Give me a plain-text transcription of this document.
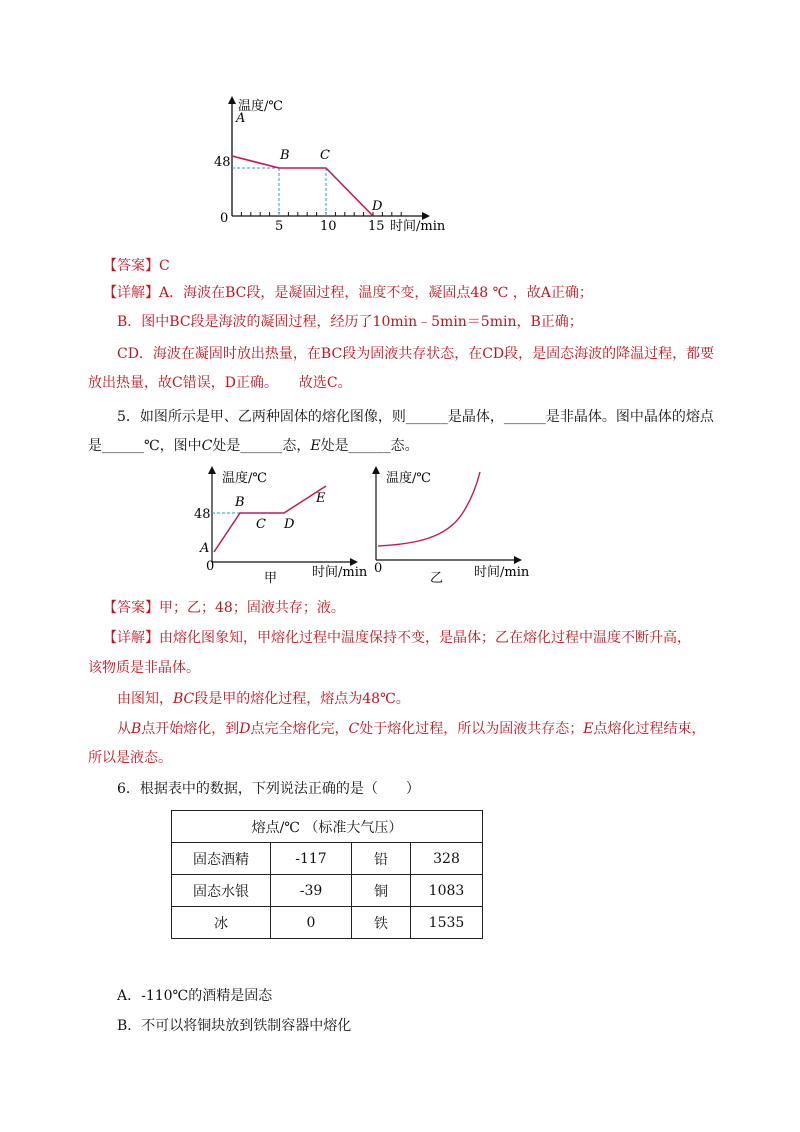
温度/℃
时间/min
0
48
5	10 15
A
B C
D
【答案】C
【详解】A．海波在BC段，是凝固过程，温度不变，凝固点48 ℃ ，故A正确；
B．图中BC段是海波的凝固过程，经历了10min﹣5min＝5min，B正确；
CD．海波在凝固时放出热量，在BC段为固液共存状态，在CD段，是固态海波的降温过程，都要
放出热量，故C错误，D正确。　　故选C。
5．如图所示是甲、乙两种固体的熔化图像，则______是晶体，______是非晶体。图中晶体的熔点
是______℃，图中C处是______态，E处是______态。
温度/℃
时间/min
0
48
甲
A
B
C D
E
温度/℃
时间/min
0
乙
【答案】甲；乙；48；固液共存；液。
【详解】由熔化图象知，甲熔化过程中温度保持不变，是晶体；乙在熔化过程中温度不断升高，
该物质是非晶体。
由图知，BC段是甲的熔化过程，熔点为48℃。
从B点开始熔化，到D点完全熔化完，C处于熔化过程，所以为固液共存态；E点熔化过程结束，
所以是液态。
6．根据表中的数据，下列说法正确的是（　　）
熔点/℃ （标准大气压）			
固态酒精	-117	铅	328
固态水银	-39	铜	1083
冰	0	铁	1535
A．-110℃的酒精是固态
B．不可以将铜块放到铁制容器中熔化
